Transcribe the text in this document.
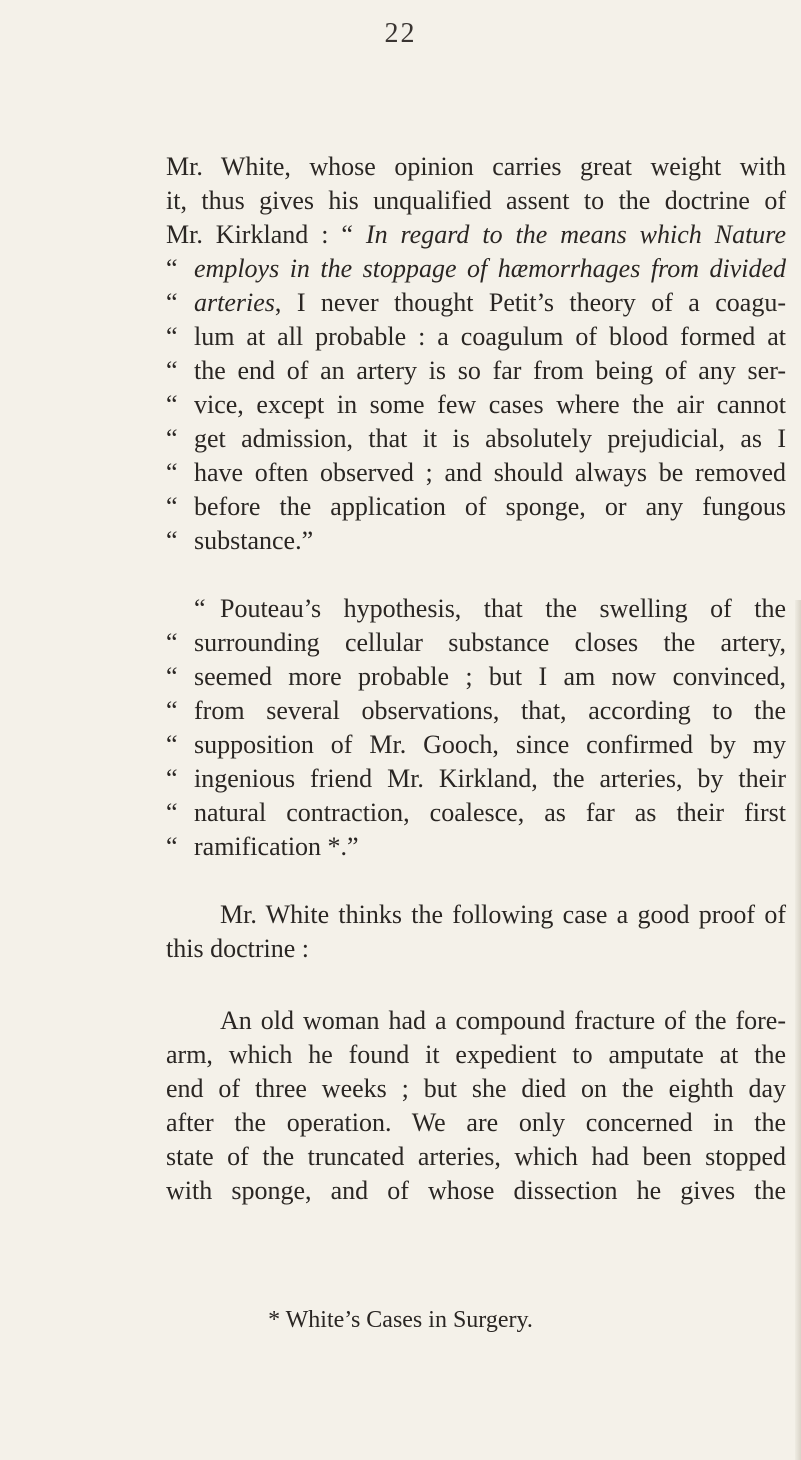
22
Mr. White, whose opinion carries great weight with
it, thus gives his unqualified assent to the doctrine of
Mr. Kirkland : “ In regard to the means which Nature
“ employs in the stoppage of hæmorrhages from divided
“ arteries, I never thought Petit’s theory of a coagu-
“ lum at all probable : a coagulum of blood formed at
“ the end of an artery is so far from being of any ser-
“ vice, except in some few cases where the air cannot
“ get admission, that it is absolutely prejudicial, as I
“ have often observed ; and should always be removed
“ before the application of sponge, or any fungous
“ substance.”
“ Pouteau’s hypothesis, that the swelling of the
“ surrounding cellular substance closes the artery,
“ seemed more probable ; but I am now convinced,
“ from several observations, that, according to the
“ supposition of Mr. Gooch, since confirmed by my
“ ingenious friend Mr. Kirkland, the arteries, by their
“ natural contraction, coalesce, as far as their first
“ ramification *.”
Mr. White thinks the following case a good proof of
this doctrine :
An old woman had a compound fracture of the fore-
arm, which he found it expedient to amputate at the
end of three weeks ; but she died on the eighth day
after the operation. We are only concerned in the
state of the truncated arteries, which had been stopped
with sponge, and of whose dissection he gives the
* White’s Cases in Surgery.
